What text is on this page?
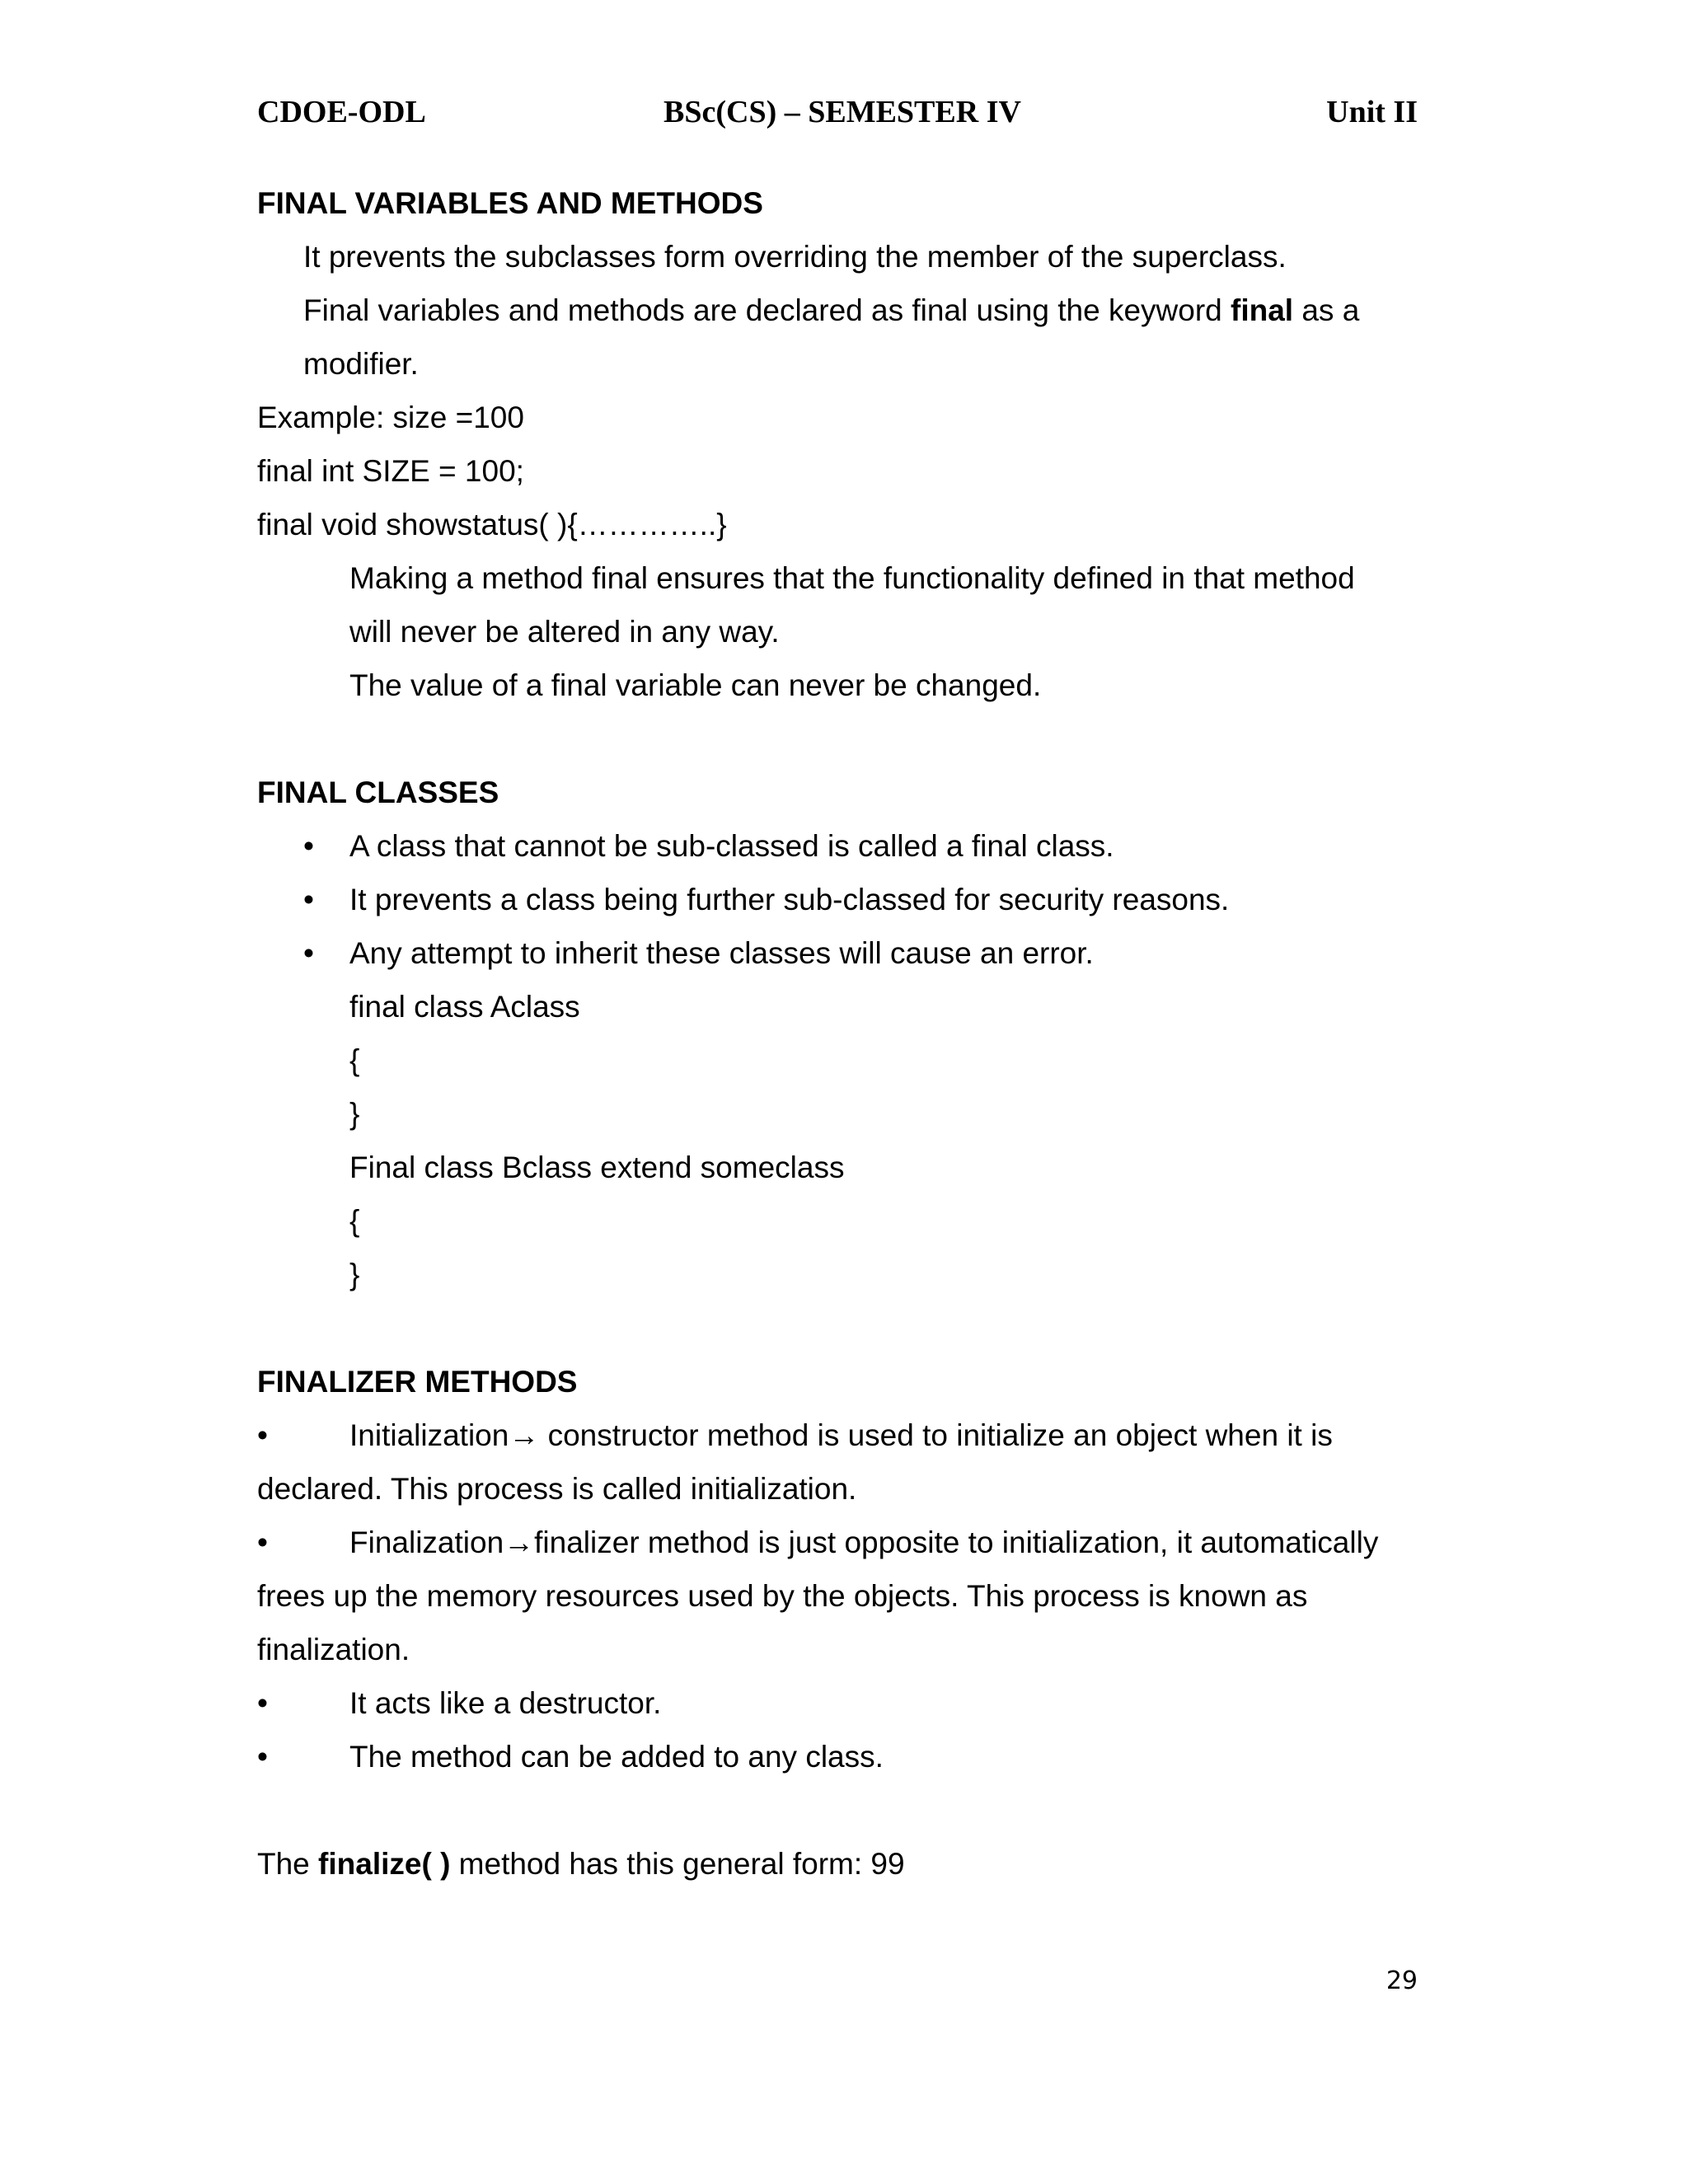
CDOE-ODL	BSc(CS) – SEMESTER IV	Unit II
FINAL VARIABLES AND METHODS
It prevents the subclasses form overriding the member of the superclass.
Final variables and methods are declared as final using the keyword final as a
modifier.
Example: size =100
final int SIZE = 100;
final void showstatus( ){…………..}
Making a method final ensures that the functionality defined in that method
will never be altered in any way.
The value of a final variable can never be changed.
FINAL CLASSES
• A class that cannot be sub-classed is called a final class.
• It prevents a class being further sub-classed for security reasons.
• Any attempt to inherit these classes will cause an error.
final class Aclass
{
}
Final class Bclass extend someclass
{
}
FINALIZER METHODS
•	Initialization→ constructor method is used to initialize an object when it is
declared. This process is called initialization.
•	Finalization→finalizer method is just opposite to initialization, it automatically
frees up the memory resources used by the objects. This process is known as
finalization.
•	It acts like a destructor.
•	The method can be added to any class.
The finalize( ) method has this general form: 99
29
